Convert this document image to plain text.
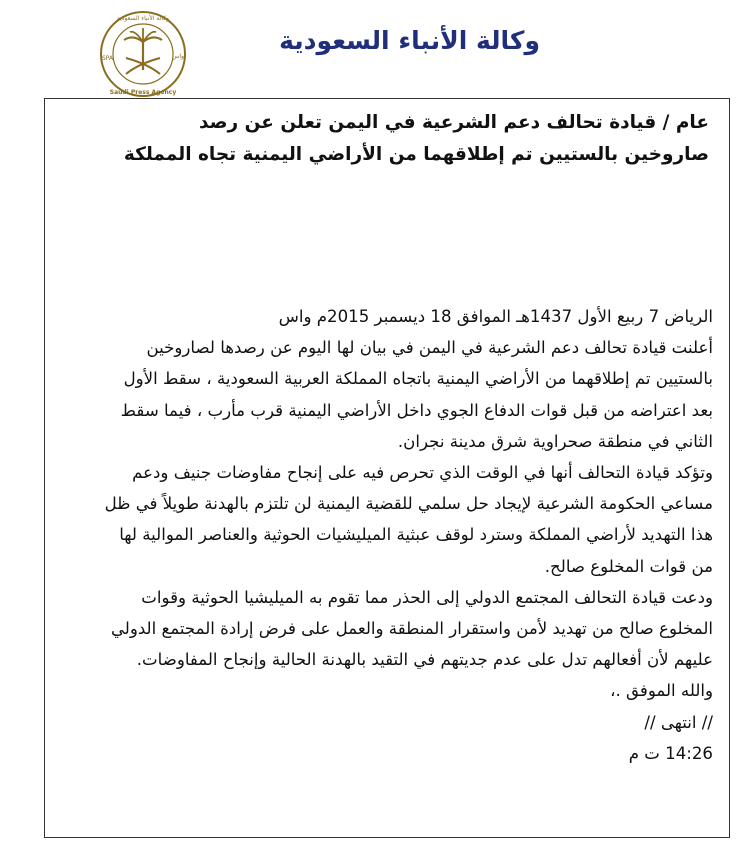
SPA	واس
وكالة الأنباء السعودية
Saudi Press Agency
وكالة الأنباء السعودية
عام / قيادة تحالف دعم الشرعية في اليمن تعلن عن رصد صاروخين بالستيين تم إطلاقهما من الأراضي اليمنية تجاه المملكة

الرياض 7 ربيع الأول 1437هـ الموافق 18 ديسمبر 2015م واس

أعلنت قيادة تحالف دعم الشرعية في اليمن في بيان لها اليوم عن رصدها لصاروخين بالستيين تم إطلاقهما من الأراضي اليمنية باتجاه المملكة العربية السعودية ، سقط الأول بعد اعتراضه من قبل قوات الدفاع الجوي داخل الأراضي اليمنية قرب مأرب ، فيما سقط الثاني في منطقة صحراوية شرق مدينة نجران.

وتؤكد قيادة التحالف أنها في الوقت الذي تحرص فيه على إنجاح مفاوضات جنيف ودعم مساعي الحكومة الشرعية لإيجاد حل سلمي للقضية اليمنية لن تلتزم بالهدنة طويلاً في ظل هذا التهديد لأراضي المملكة وسترد لوقف عبثية الميليشيات الحوثية والعناصر الموالية لها من قوات المخلوع صالح.

ودعت قيادة التحالف المجتمع الدولي إلى الحذر مما تقوم به الميليشيا الحوثية وقوات المخلوع صالح من تهديد لأمن واستقرار المنطقة والعمل على فرض إرادة المجتمع الدولي عليهم لأن أفعالهم تدل على عدم جديتهم في التقيد بالهدنة الحالية وإنجاح المفاوضات. والله الموفق .،

// انتهى //

14:26 ت م
